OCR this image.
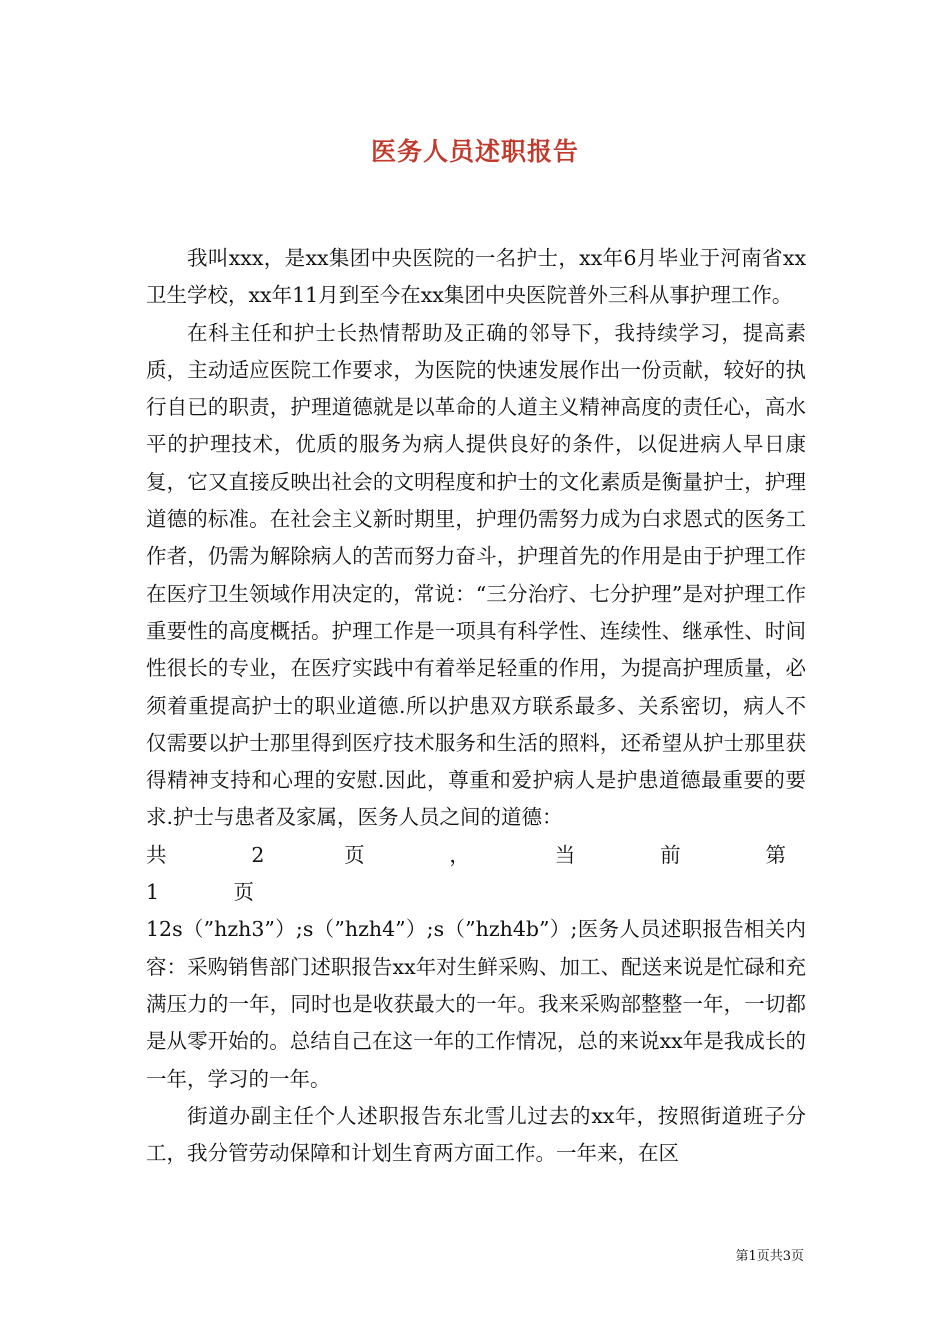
医务人员述职报告

我叫xxx，是xx集团中央医院的一名护士，xx年6月毕业于河南省xx卫生学校，xx年11月到至今在xx集团中央医院普外三科从事护理工作。

在科主任和护士长热情帮助及正确的邻导下，我持续学习，提高素质，主动适应医院工作要求，为医院的快速发展作出一份贡献，较好的执行自已的职责，护理道德就是以革命的人道主义精神高度的责任心，高水平的护理技术，优质的服务为病人提供良好的条件，以促进病人早日康复，它又直接反映出社会的文明程度和护士的文化素质是衡量护士，护理道德的标准。在社会主义新时期里，护理仍需努力成为白求恩式的医务工作者，仍需为解除病人的苦而努力奋斗，护理首先的作用是由于护理工作在医疗卫生领域作用决定的，常说：“三分治疗、七分护理”是对护理工作重要性的高度概括。护理工作是一项具有科学性、连续性、继承性、时间性很长的专业，在医疗实践中有着举足轻重的作用，为提高护理质量，必须着重提高护士的职业道德.所以护患双方联系最多、关系密切，病人不仅需要以护士那里得到医疗技术服务和生活的照料，还希望从护士那里获得精神支持和心理的安慰.因此，尊重和爱护病人是护患道德最重要的要求.护士与患者及家属，医务人员之间的道德：

共 2 页 ， 当 前 第 1 页

12s（”hzh3”）;s（”hzh4”）;s（”hzh4b”）;医务人员述职报告相关内容：采购销售部门述职报告xx年对生鲜采购、加工、配送来说是忙碌和充满压力的一年，同时也是收获最大的一年。我来采购部整整一年，一切都是从零开始的。总结自己在这一年的工作情况，总的来说xx年是我成长的一年，学习的一年。

街道办副主任个人述职报告东北雪儿过去的xx年，按照街道班子分工，我分管劳动保障和计划生育两方面工作。一年来，在区

第1页共3页
